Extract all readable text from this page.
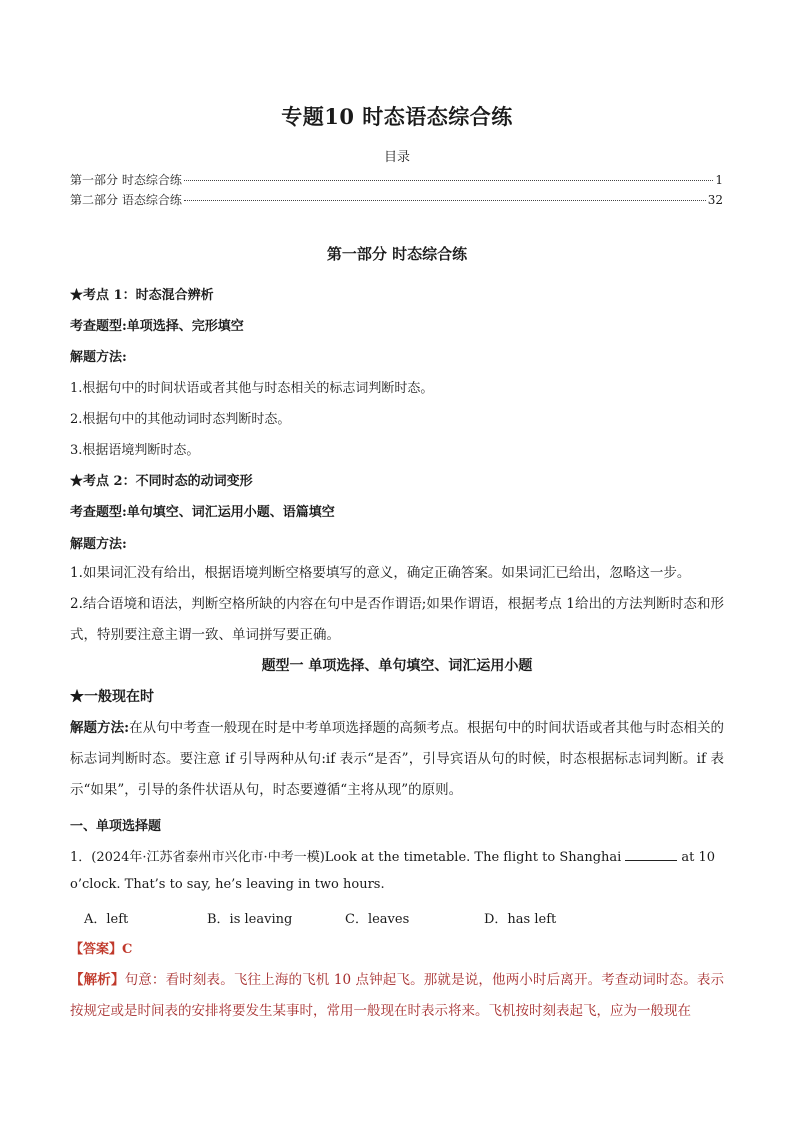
专题10 时态语态综合练
目录
第一部分 时态综合练	1
第二部分 语态综合练	32
第一部分 时态综合练
★考点 1：时态混合辨析
考查题型:单项选择、完形填空
解题方法:
1.根据句中的时间状语或者其他与时态相关的标志词判断时态。
2.根据句中的其他动词时态判断时态。
3.根据语境判断时态。
★考点 2：不同时态的动词变形
考查题型:单句填空、词汇运用小题、语篇填空
解题方法:
1.如果词汇没有给出，根据语境判断空格要填写的意义，确定正确答案。如果词汇已给出，忽略这一步。
2.结合语境和语法，判断空格所缺的内容在句中是否作谓语;如果作谓语，根据考点 1给出的方法判断时态和形式，特别要注意主谓一致、单词拼写要正确。
题型一 单项选择、单句填空、词汇运用小题
★一般现在时
解题方法:在从句中考查一般现在时是中考单项选择题的高频考点。根据句中的时间状语或者其他与时态相关的标志词判断时态。要注意 if 引导两种从句:if 表示“是否”，引导宾语从句的时候，时态根据标志词判断。if 表示“如果”，引导的条件状语从句，时态要遵循“主将从现”的原则。
一、单项选择题
1．(2024年·江苏省泰州市兴化市·中考一模)Look at the timetable. The flight to Shanghai	at 10
o’clock. That’s to say, he’s leaving in two hours.
A．left	B．is leaving	C．leaves	D．has left
【答案】C
【解析】句意：看时刻表。飞往上海的飞机 10 点钟起飞。那就是说，他两小时后离开。考查动词时态。表示按规定或是时间表的安排将要发生某事时，常用一般现在时表示将来。飞机按时刻表起飞，应为一般现在
